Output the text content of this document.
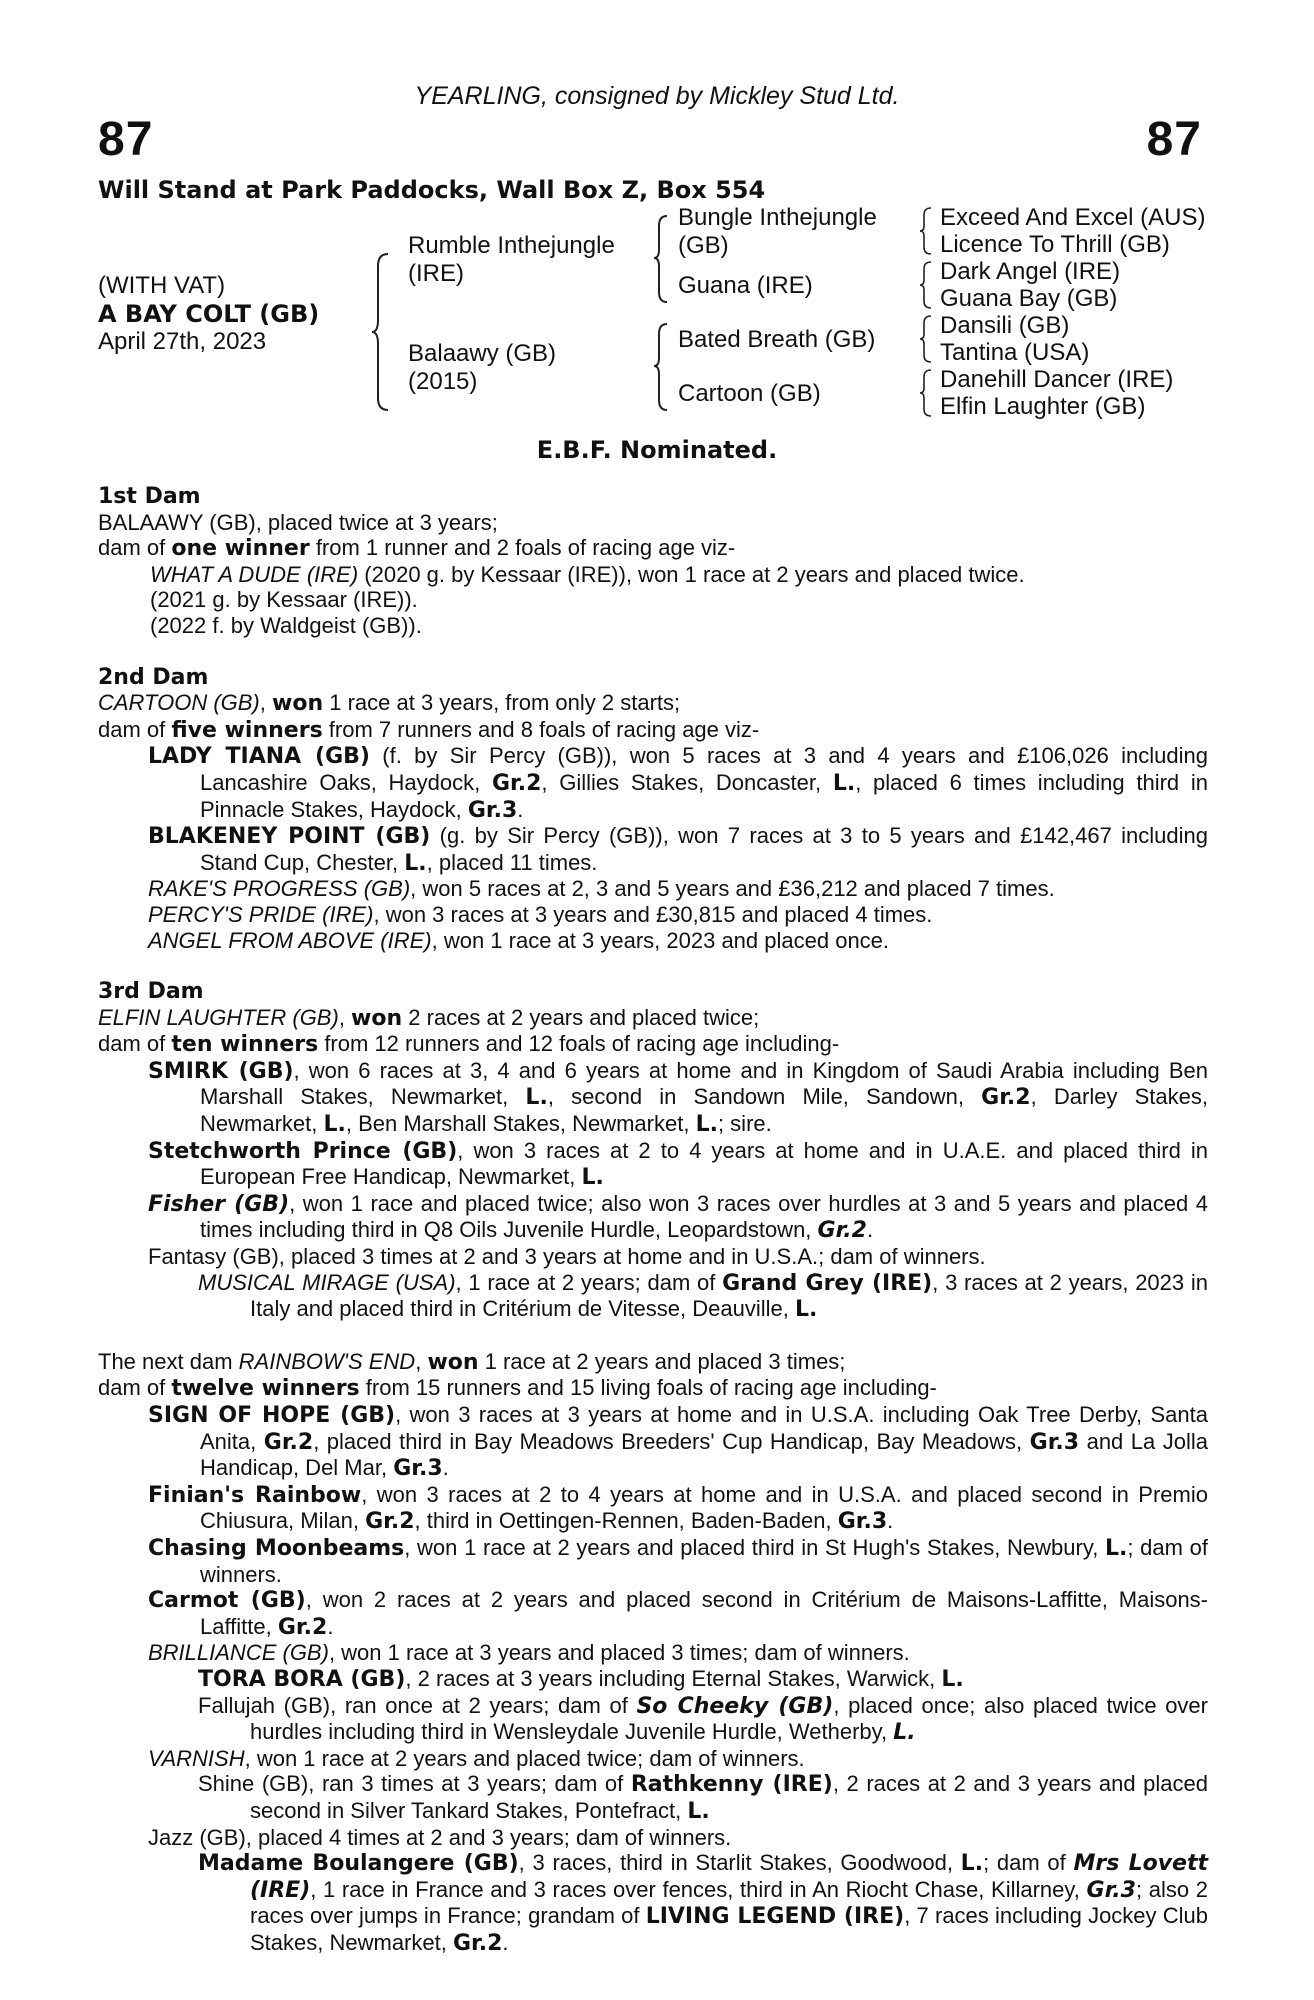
YEARLING, consigned by Mickley Stud Ltd.
87	87
Will Stand at Park Paddocks, Wall Box Z, Box 554
(WITH VAT)
A BAY COLT (GB)
April 27th, 2023
Rumble Inthejungle
(IRE)
Balaawy (GB)
(2015)
Bungle Inthejungle
(GB)
Guana (IRE)
Bated Breath (GB)
Cartoon (GB)
Exceed And Excel (AUS)
Licence To Thrill (GB)
Dark Angel (IRE)
Guana Bay (GB)
Dansili (GB)
Tantina (USA)
Danehill Dancer (IRE)
Elfin Laughter (GB)
E.B.F. Nominated.

1st Dam

BALAAWY (GB), placed twice at 3 years;

dam of one winner from 1 runner and 2 foals of racing age viz-

WHAT A DUDE (IRE) (2020 g. by Kessaar (IRE)), won 1 race at 2 years and placed twice.

(2021 g. by Kessaar (IRE)).

(2022 f. by Waldgeist (GB)).

2nd Dam

CARTOON (GB), won 1 race at 3 years, from only 2 starts;

dam of five winners from 7 runners and 8 foals of racing age viz-

LADY TIANA (GB) (f. by Sir Percy (GB)), won 5 races at 3 and 4 years and £106,026 including Lancashire Oaks, Haydock, Gr.2, Gillies Stakes, Doncaster, L., placed 6 times including third in Pinnacle Stakes, Haydock, Gr.3.

BLAKENEY POINT (GB) (g. by Sir Percy (GB)), won 7 races at 3 to 5 years and £142,467 including Stand Cup, Chester, L., placed 11 times.

RAKE'S PROGRESS (GB), won 5 races at 2, 3 and 5 years and £36,212 and placed 7 times.

PERCY'S PRIDE (IRE), won 3 races at 3 years and £30,815 and placed 4 times.

ANGEL FROM ABOVE (IRE), won 1 race at 3 years, 2023 and placed once.

3rd Dam

ELFIN LAUGHTER (GB), won 2 races at 2 years and placed twice;

dam of ten winners from 12 runners and 12 foals of racing age including-

SMIRK (GB), won 6 races at 3, 4 and 6 years at home and in Kingdom of Saudi Arabia including Ben Marshall Stakes, Newmarket, L., second in Sandown Mile, Sandown, Gr.2, Darley Stakes, Newmarket, L., Ben Marshall Stakes, Newmarket, L.; sire.

Stetchworth Prince (GB), won 3 races at 2 to 4 years at home and in U.A.E. and placed third in European Free Handicap, Newmarket, L.

Fisher (GB), won 1 race and placed twice; also won 3 races over hurdles at 3 and 5 years and placed 4 times including third in Q8 Oils Juvenile Hurdle, Leopardstown, Gr.2.

Fantasy (GB), placed 3 times at 2 and 3 years at home and in U.S.A.; dam of winners.

MUSICAL MIRAGE (USA), 1 race at 2 years; dam of Grand Grey (IRE), 3 races at 2 years, 2023 in Italy and placed third in Critérium de Vitesse, Deauville, L.

The next dam RAINBOW'S END, won 1 race at 2 years and placed 3 times;

dam of twelve winners from 15 runners and 15 living foals of racing age including-

SIGN OF HOPE (GB), won 3 races at 3 years at home and in U.S.A. including Oak Tree Derby, Santa Anita, Gr.2, placed third in Bay Meadows Breeders' Cup Handicap, Bay Meadows, Gr.3 and La Jolla Handicap, Del Mar, Gr.3.

Finian's Rainbow, won 3 races at 2 to 4 years at home and in U.S.A. and placed second in Premio Chiusura, Milan, Gr.2, third in Oettingen-Rennen, Baden-Baden, Gr.3.

Chasing Moonbeams, won 1 race at 2 years and placed third in St Hugh's Stakes, Newbury, L.; dam of winners.

Carmot (GB), won 2 races at 2 years and placed second in Critérium de Maisons-Laffitte, Maisons-Laffitte, Gr.2.

BRILLIANCE (GB), won 1 race at 3 years and placed 3 times; dam of winners.

TORA BORA (GB), 2 races at 3 years including Eternal Stakes, Warwick, L.

Fallujah (GB), ran once at 2 years; dam of So Cheeky (GB), placed once; also placed twice over hurdles including third in Wensleydale Juvenile Hurdle, Wetherby, L.

VARNISH, won 1 race at 2 years and placed twice; dam of winners.

Shine (GB), ran 3 times at 3 years; dam of Rathkenny (IRE), 2 races at 2 and 3 years and placed second in Silver Tankard Stakes, Pontefract, L.

Jazz (GB), placed 4 times at 2 and 3 years; dam of winners.

Madame Boulangere (GB), 3 races, third in Starlit Stakes, Goodwood, L.; dam of Mrs Lovett (IRE), 1 race in France and 3 races over fences, third in An Riocht Chase, Killarney, Gr.3; also 2 races over jumps in France; grandam of LIVING LEGEND (IRE), 7 races including Jockey Club Stakes, Newmarket, Gr.2.
